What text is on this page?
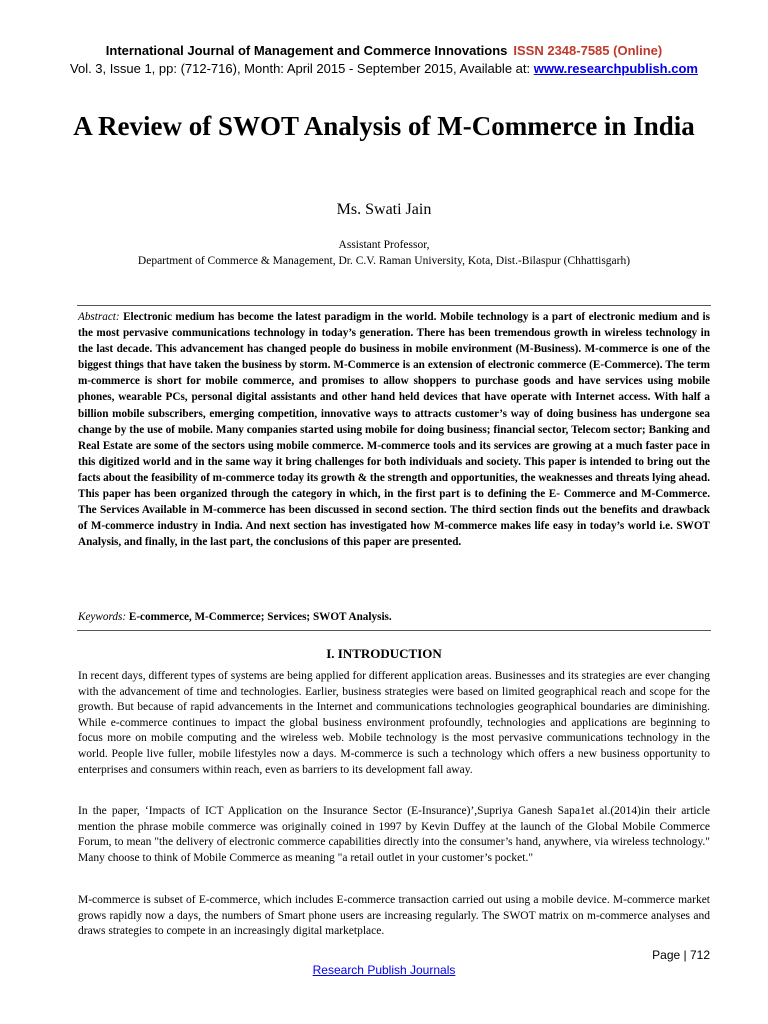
International Journal of Management and Commerce Innovations ISSN 2348-7585 (Online)
Vol. 3, Issue 1, pp: (712-716), Month: April 2015 - September 2015, Available at: www.researchpublish.com
A Review of SWOT Analysis of M-Commerce in India
Ms. Swati Jain
Assistant Professor,
Department of Commerce & Management, Dr. C.V. Raman University, Kota, Dist.-Bilaspur (Chhattisgarh)
Abstract: Electronic medium has become the latest paradigm in the world. Mobile technology is a part of electronic medium and is the most pervasive communications technology in today’s generation. There has been tremendous growth in wireless technology in the last decade. This advancement has changed people do business in mobile environment (M-Business). M-commerce is one of the biggest things that have taken the business by storm. M-Commerce is an extension of electronic commerce (E-Commerce). The term m-commerce is short for mobile commerce, and promises to allow shoppers to purchase goods and have services using mobile phones, wearable PCs, personal digital assistants and other hand held devices that have operate with Internet access. With half a billion mobile subscribers, emerging competition, innovative ways to attracts customer’s way of doing business has undergone sea change by the use of mobile. Many companies started using mobile for doing business; financial sector, Telecom sector; Banking and Real Estate are some of the sectors using mobile commerce. M-commerce tools and its services are growing at a much faster pace in this digitized world and in the same way it bring challenges for both individuals and society. This paper is intended to bring out the facts about the feasibility of m-commerce today its growth & the strength and opportunities, the weaknesses and threats lying ahead. This paper has been organized through the category in which, in the first part is to defining the E- Commerce and M-Commerce. The Services Available in M-commerce has been discussed in second section. The third section finds out the benefits and drawback of M-commerce industry in India. And next section has investigated how M-commerce makes life easy in today’s world i.e. SWOT Analysis, and finally, in the last part, the conclusions of this paper are presented.
Keywords: E-commerce, M-Commerce; Services; SWOT Analysis.
I. INTRODUCTION
In recent days, different types of systems are being applied for different application areas. Businesses and its strategies are ever changing with the advancement of time and technologies. Earlier, business strategies were based on limited geographical reach and scope for the growth. But because of rapid advancements in the Internet and communications technologies geographical boundaries are diminishing. While e-commerce continues to impact the global business environment profoundly, technologies and applications are beginning to focus more on mobile computing and the wireless web. Mobile technology is the most pervasive communications technology in the world. People live fuller, mobile lifestyles now a days. M-commerce is such a technology which offers a new business opportunity to enterprises and consumers within reach, even as barriers to its development fall away.
In the paper, ‘Impacts of ICT Application on the Insurance Sector (E-Insurance)’,Supriya Ganesh Sapa1et al.(2014)in their article mention the phrase mobile commerce was originally coined in 1997 by Kevin Duffey at the launch of the Global Mobile Commerce Forum, to mean "the delivery of electronic commerce capabilities directly into the consumer’s hand, anywhere, via wireless technology." Many choose to think of Mobile Commerce as meaning "a retail outlet in your customer’s pocket."
M-commerce is subset of E-commerce, which includes E-commerce transaction carried out using a mobile device. M-commerce market grows rapidly now a days, the numbers of Smart phone users are increasing regularly. The SWOT matrix on m-commerce analyses and draws strategies to compete in an increasingly digital marketplace.
Page | 712
Research Publish Journals
